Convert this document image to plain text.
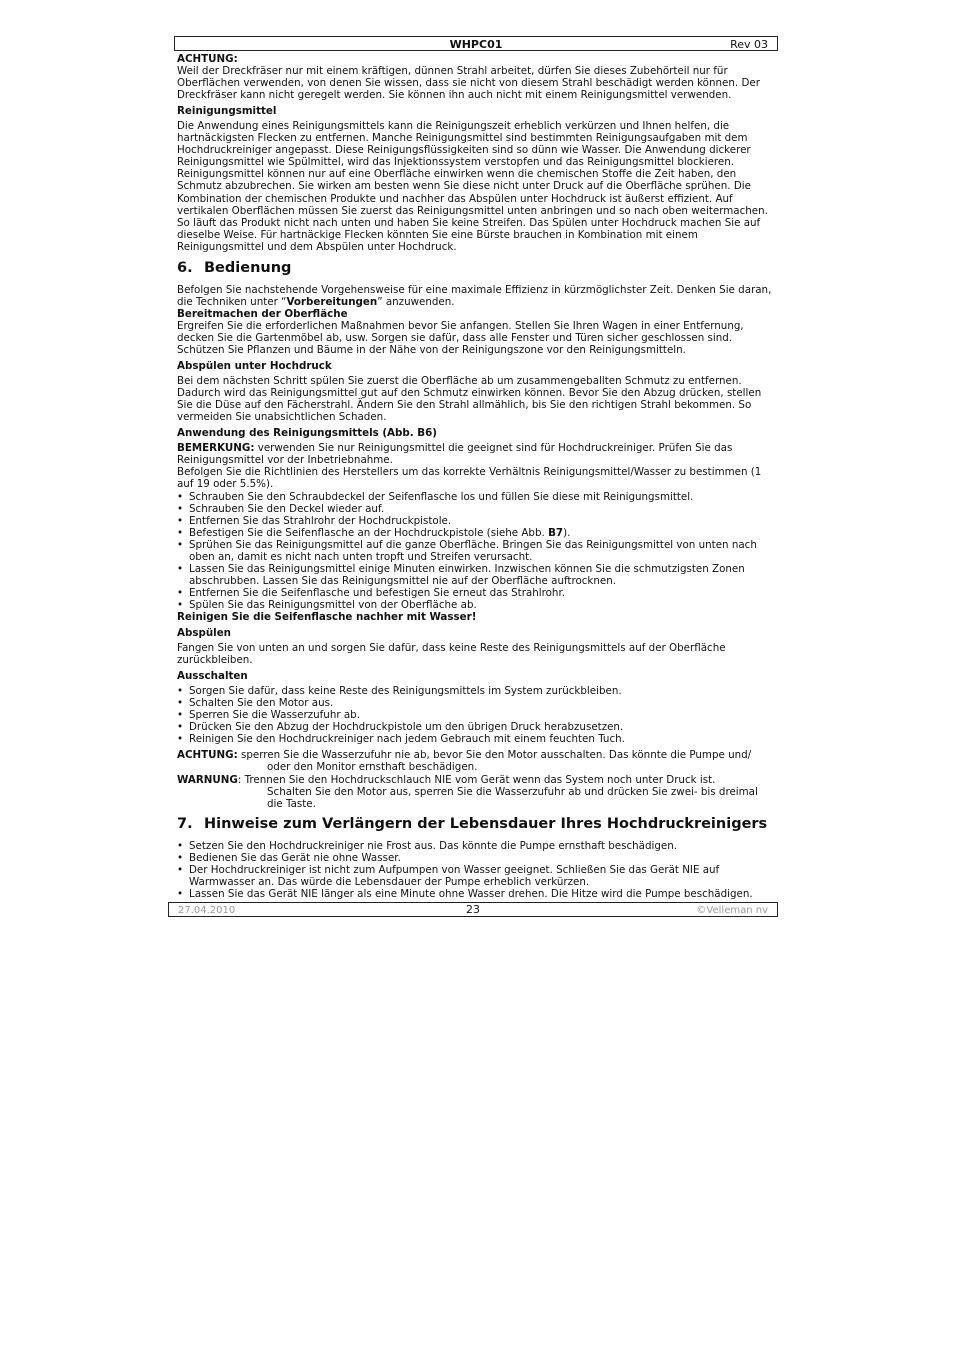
WHPC01	Rev 03

ACHTUNG:

Weil der Dreckfräser nur mit einem kräftigen, dünnen Strahl arbeitet, dürfen Sie dieses Zubehörteil nur für Oberflächen verwenden, von denen Sie wissen, dass sie nicht von diesem Strahl beschädigt werden können. Der Dreckfräser kann nicht geregelt werden. Sie können ihn auch nicht mit einem Reinigungsmittel verwenden.

Reinigungsmittel

Die Anwendung eines Reinigungsmittels kann die Reinigungszeit erheblich verkürzen und Ihnen helfen, die hartnäckigsten Flecken zu entfernen. Manche Reinigungsmittel sind bestimmten Reinigungsaufgaben mit dem Hochdruckreiniger angepasst. Diese Reinigungsflüssigkeiten sind so dünn wie Wasser. Die Anwendung dickerer Reinigungsmittel wie Spülmittel, wird das Injektionssystem verstopfen und das Reinigungsmittel blockieren. Reinigungsmittel können nur auf eine Oberfläche einwirken wenn die chemischen Stoffe die Zeit haben, den Schmutz abzubrechen. Sie wirken am besten wenn Sie diese nicht unter Druck auf die Oberfläche sprühen. Die Kombination der chemischen Produkte und nachher das Abspülen unter Hochdruck ist äußerst effizient. Auf vertikalen Oberflächen müssen Sie zuerst das Reinigungsmittel unten anbringen und so nach oben weitermachen. So läuft das Produkt nicht nach unten und haben Sie keine Streifen. Das Spülen unter Hochdruck machen Sie auf dieselbe Weise. Für hartnäckige Flecken könnten Sie eine Bürste brauchen in Kombination mit einem Reinigungsmittel und dem Abspülen unter Hochdruck.

6. Bedienung

Befolgen Sie nachstehende Vorgehensweise für eine maximale Effizienz in kürzmöglichster Zeit. Denken Sie daran, die Techniken unter “Vorbereitungen” anzuwenden.

Bereitmachen der Oberfläche

Ergreifen Sie die erforderlichen Maßnahmen bevor Sie anfangen. Stellen Sie Ihren Wagen in einer Entfernung, decken Sie die Gartenmöbel ab, usw. Sorgen sie dafür, dass alle Fenster und Türen sicher geschlossen sind. Schützen Sie Pflanzen und Bäume in der Nähe von der Reinigungszone vor den Reinigungsmitteln.

Abspülen unter Hochdruck

Bei dem nächsten Schritt spülen Sie zuerst die Oberfläche ab um zusammengeballten Schmutz zu entfernen. Dadurch wird das Reinigungsmittel gut auf den Schmutz einwirken können. Bevor Sie den Abzug drücken, stellen Sie die Düse auf den Fächerstrahl. Ändern Sie den Strahl allmählich, bis Sie den richtigen Strahl bekommen. So vermeiden Sie unabsichtlichen Schaden.

Anwendung des Reinigungsmittels (Abb. B6)

BEMERKUNG: verwenden Sie nur Reinigungsmittel die geeignet sind für Hochdruckreiniger. Prüfen Sie das Reinigungsmittel vor der Inbetriebnahme.

Befolgen Sie die Richtlinien des Herstellers um das korrekte Verhältnis Reinigungsmittel/Wasser zu bestimmen (1 auf 19 oder 5.5%).

• Schrauben Sie den Schraubdeckel der Seifenflasche los und füllen Sie diese mit Reinigungsmittel.
• Schrauben Sie den Deckel wieder auf.
• Entfernen Sie das Strahlrohr der Hochdruckpistole.
• Befestigen Sie die Seifenflasche an der Hochdruckpistole (siehe Abb. B7).
• Sprühen Sie das Reinigungsmittel auf die ganze Oberfläche. Bringen Sie das Reinigungsmittel von unten nach oben an, damit es nicht nach unten tropft und Streifen verursacht.
• Lassen Sie das Reinigungsmittel einige Minuten einwirken. Inzwischen können Sie die schmutzigsten Zonen abschrubben. Lassen Sie das Reinigungsmittel nie auf der Oberfläche auftrocknen.
• Entfernen Sie die Seifenflasche und befestigen Sie erneut das Strahlrohr.
• Spülen Sie das Reinigungsmittel von der Oberfläche ab.

Reinigen Sie die Seifenflasche nachher mit Wasser!

Abspülen

Fangen Sie von unten an und sorgen Sie dafür, dass keine Reste des Reinigungsmittels auf der Oberfläche zurückbleiben.

Ausschalten

• Sorgen Sie dafür, dass keine Reste des Reinigungsmittels im System zurückbleiben.
• Schalten Sie den Motor aus.
• Sperren Sie die Wasserzufuhr ab.
• Drücken Sie den Abzug der Hochdruckpistole um den übrigen Druck herabzusetzen.
• Reinigen Sie den Hochdruckreiniger nach jedem Gebrauch mit einem feuchten Tuch.

ACHTUNG: sperren Sie die Wasserzufuhr nie ab, bevor Sie den Motor ausschalten. Das könnte die Pumpe und/

oder den Monitor ernsthaft beschädigen.

WARNUNG: Trennen Sie den Hochdruckschlauch NIE vom Gerät wenn das System noch unter Druck ist.

Schalten Sie den Motor aus, sperren Sie die Wasserzufuhr ab und drücken Sie zwei- bis dreimal

die Taste.

7. Hinweise zum Verlängern der Lebensdauer Ihres Hochdruckreinigers
• Setzen Sie den Hochdruckreiniger nie Frost aus. Das könnte die Pumpe ernsthaft beschädigen.
• Bedienen Sie das Gerät nie ohne Wasser.
• Der Hochdruckreiniger ist nicht zum Aufpumpen von Wasser geeignet. Schließen Sie das Gerät NIE auf Warmwasser an. Das würde die Lebensdauer der Pumpe erheblich verkürzen.
• Lassen Sie das Gerät NIE länger als eine Minute ohne Wasser drehen. Die Hitze wird die Pumpe beschädigen.
27.04.2010	23	©Velleman nv
